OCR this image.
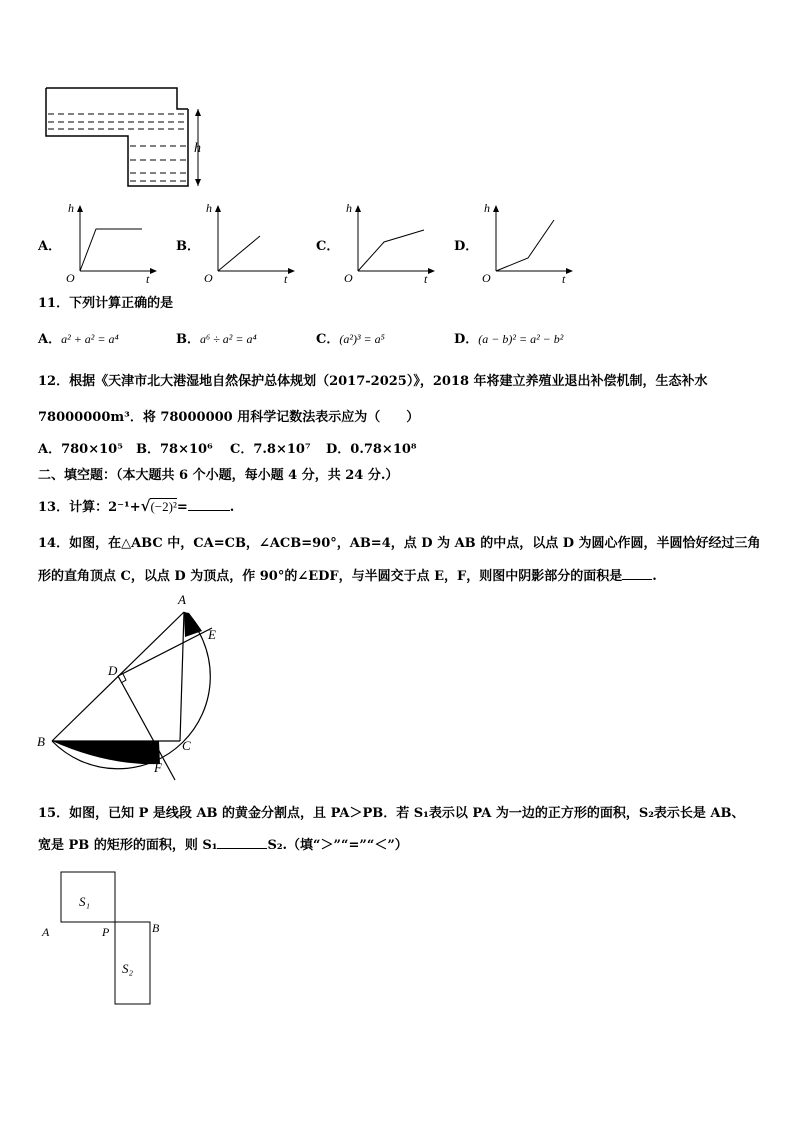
h
A．
h
O	t
B．
h
O	t
C．
h
O	t
D．
h
O	t
11．下列计算正确的是
A．a² + a² = a⁴	B．a⁶ ÷ a² = a⁴	C．(a²)³ = a⁵	D．(a − b)² = a² − b²
12．根据《天津市北大港湿地自然保护总体规划（2017-2025）》，2018 年将建立养殖业退出补偿机制，生态补水
78000000m³．将 78000000 用科学记数法表示应为（　　）
A．780×10⁵ B．78×10⁶ C．7.8×10⁷ D．0.78×10⁸
二、填空题：（本大题共 6 个小题，每小题 4 分，共 24 分.）
13．计算：2⁻¹+√(−2)²=	.
14．如图，在△ABC 中，CA=CB，∠ACB=90°，AB=4，点 D 为 AB 的中点，以点 D 为圆心作圆，半圆恰好经过三角
形的直角顶点 C，以点 D 为顶点，作 90°的∠EDF，与半圆交于点 E，F，则图中阴影部分的面积是 .
A
E
D
B	C
F
15．如图，已知 P 是线段 AB 的黄金分割点，且 PA＞PB．若 S₁表示以 PA 为一边的正方形的面积，S₂表示长是 AB、
宽是 PB 的矩形的面积，则 S₁	S₂.（填“＞”“=”“＜”）
S₁
S₂
A	P	B
